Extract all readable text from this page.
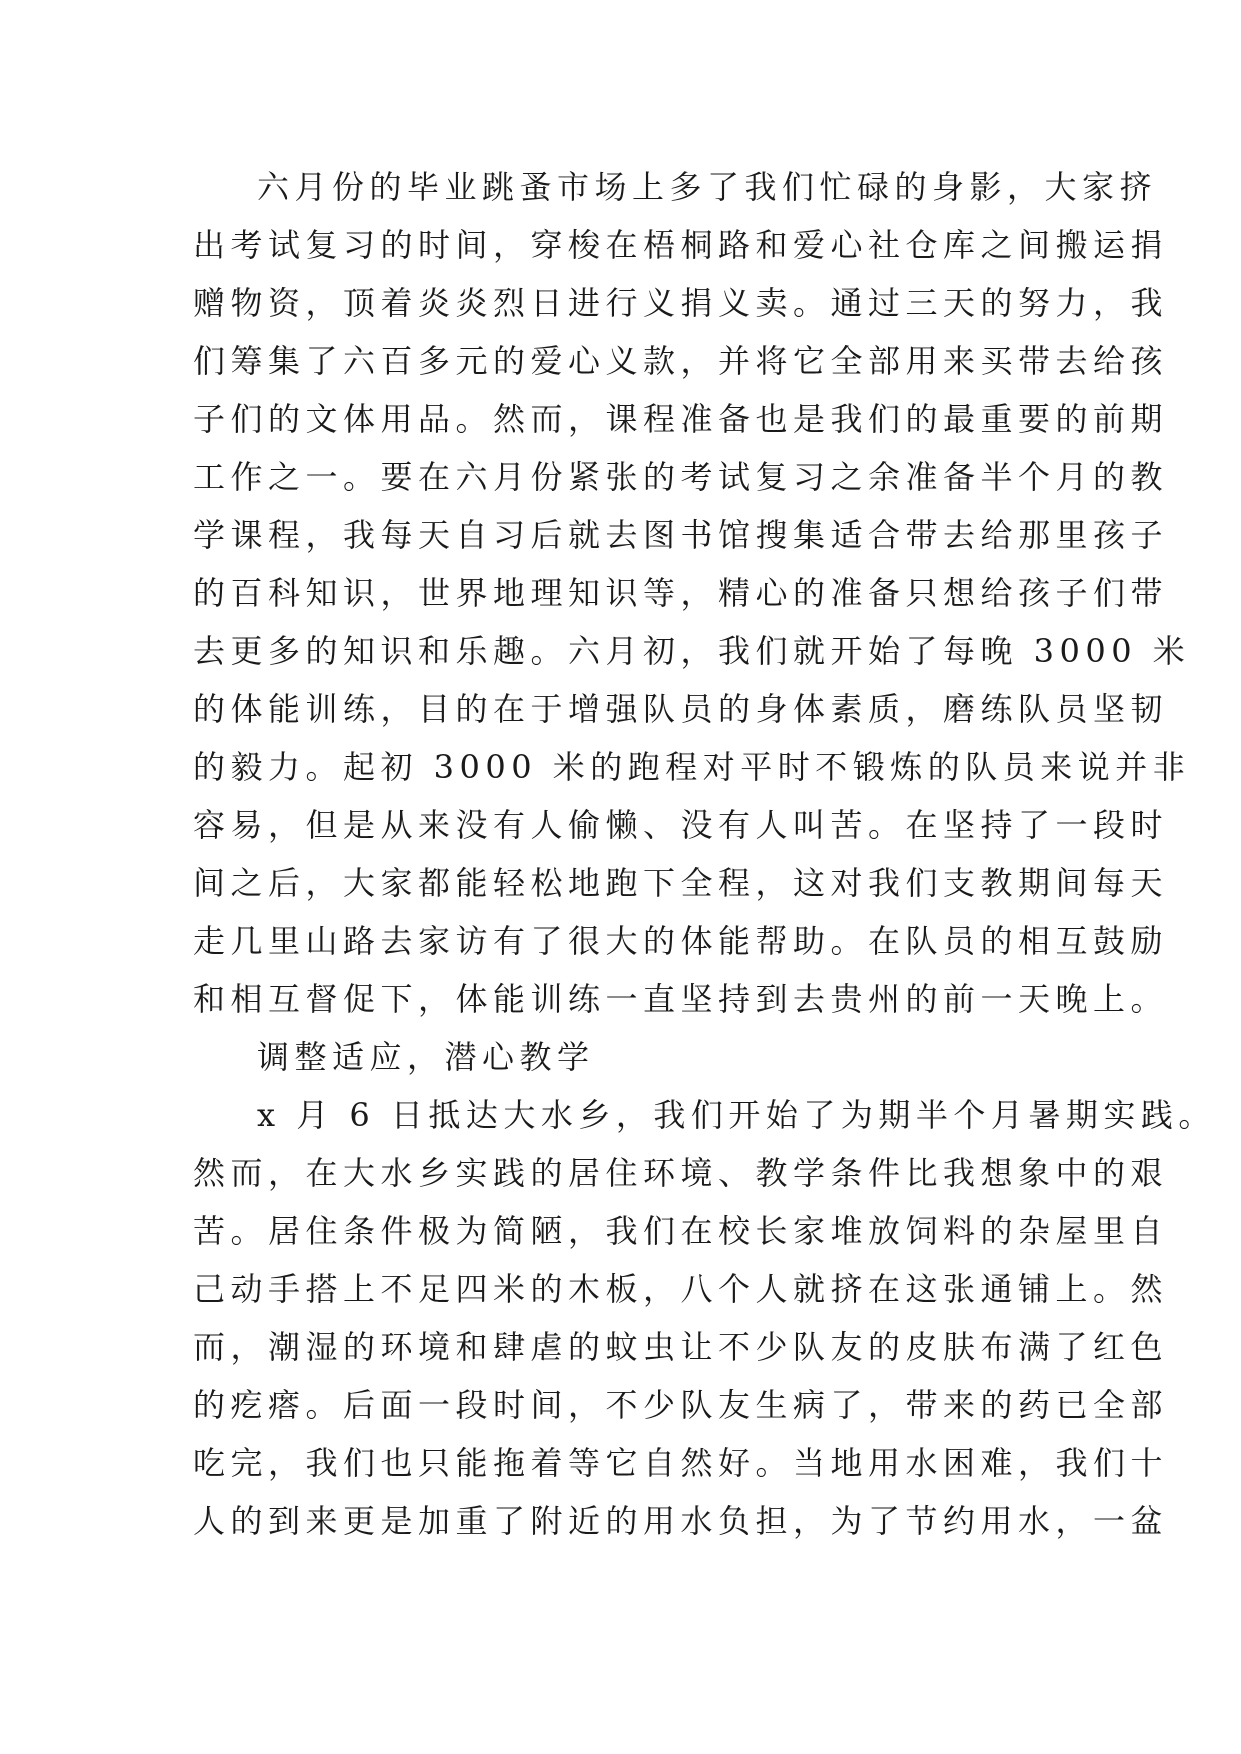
六月份的毕业跳蚤市场上多了我们忙碌的身影，大家挤
出考试复习的时间，穿梭在梧桐路和爱心社仓库之间搬运捐
赠物资，顶着炎炎烈日进行义捐义卖。通过三天的努力，我
们筹集了六百多元的爱心义款，并将它全部用来买带去给孩
子们的文体用品。然而，课程准备也是我们的最重要的前期
工作之一。要在六月份紧张的考试复习之余准备半个月的教
学课程，我每天自习后就去图书馆搜集适合带去给那里孩子
的百科知识，世界地理知识等，精心的准备只想给孩子们带
去更多的知识和乐趣。六月初，我们就开始了每晚 3000 米
的体能训练，目的在于增强队员的身体素质，磨练队员坚韧
的毅力。起初 3000 米的跑程对平时不锻炼的队员来说并非
容易，但是从来没有人偷懒、没有人叫苦。在坚持了一段时
间之后，大家都能轻松地跑下全程，这对我们支教期间每天
走几里山路去家访有了很大的体能帮助。在队员的相互鼓励
和相互督促下，体能训练一直坚持到去贵州的前一天晚上。
调整适应，潜心教学
x 月 6 日抵达大水乡，我们开始了为期半个月暑期实践。
然而，在大水乡实践的居住环境、教学条件比我想象中的艰
苦。居住条件极为简陋，我们在校长家堆放饲料的杂屋里自
己动手搭上不足四米的木板，八个人就挤在这张通铺上。然
而，潮湿的环境和肆虐的蚊虫让不少队友的皮肤布满了红色
的疙瘩。后面一段时间，不少队友生病了，带来的药已全部
吃完，我们也只能拖着等它自然好。当地用水困难，我们十
人的到来更是加重了附近的用水负担，为了节约用水，一盆
